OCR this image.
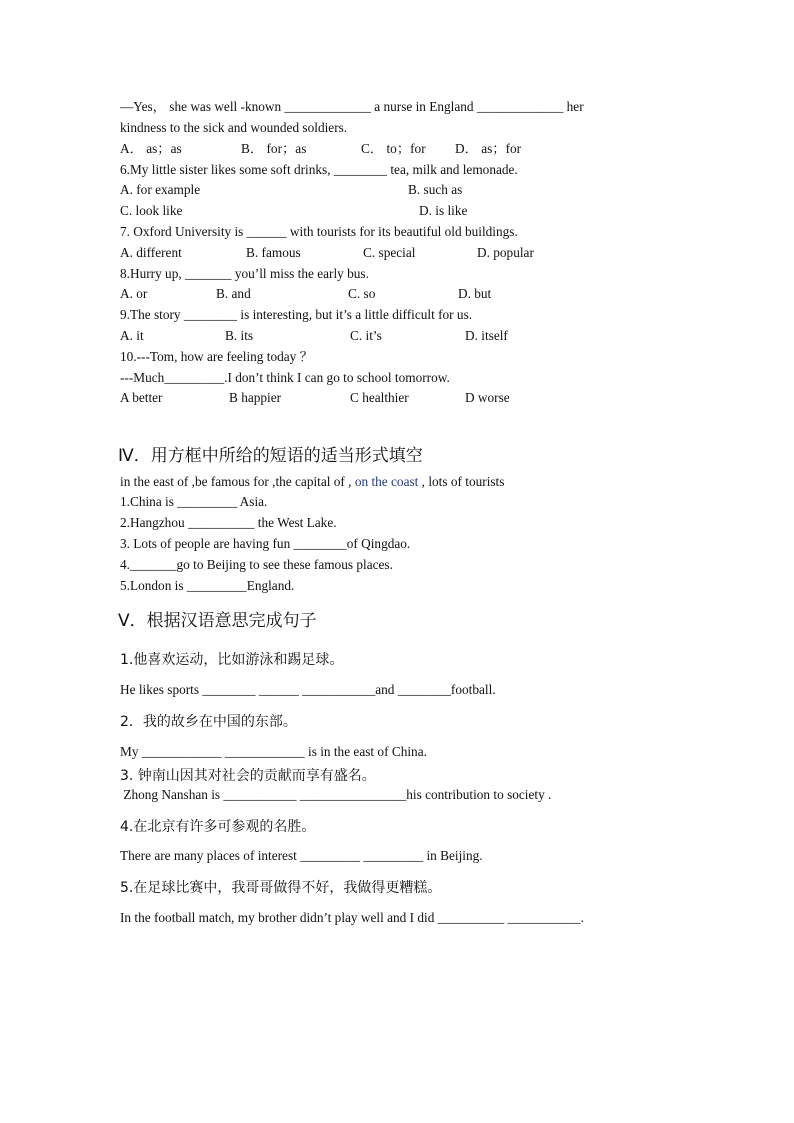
—Yes， she was well -known _____________ a nurse in England _____________ her
kindness to the sick and wounded soldiers.
A． as；as	B． for；as	C． to；for D． as；for
6.My little sister likes some soft drinks, ________ tea, milk and lemonade.
A. for example	B. such as
C. look like	D. is like
7. Oxford University is ______ with tourists for its beautiful old buildings.
A. different	B. famous	C. special	D. popular
8.Hurry up, _______ you’ll miss the early bus.
A. or	B. and	C. so	D. but
9.The story ________ is interesting, but it’s a little difficult for us.
A. it	B. its	C. it’s	D. itself
10.---Tom, how are feeling today ？
---Much_________.I don’t think I can go to school tomorrow.
A better	B happier	C healthier	D worse
Ⅳ．用方框中所给的短语的适当形式填空
in the east of ,be famous for ,the capital of , on the coast , lots of tourists
1.China is _________ Asia.
2.Hangzhou __________ the West Lake.
3. Lots of people are having fun ________of Qingdao.
4._______go to Beijing to see these famous places.
5.London is _________England.
Ⅴ．根据汉语意思完成句子
1.他喜欢运动，比如游泳和踢足球。
He likes sports ________ ______ ___________and ________football.
2．我的故乡在中国的东部。
My ____________ ____________ is in the east of China.
3. 钟南山因其对社会的贡献而享有盛名。
Zhong Nanshan is ___________ ________________his contribution to society .
4.在北京有许多可参观的名胜。
There are many places of interest _________ _________ in Beijing.
5.在足球比赛中，我哥哥做得不好，我做得更糟糕。
In the football match, my brother didn’t play well and I did __________ ___________.
